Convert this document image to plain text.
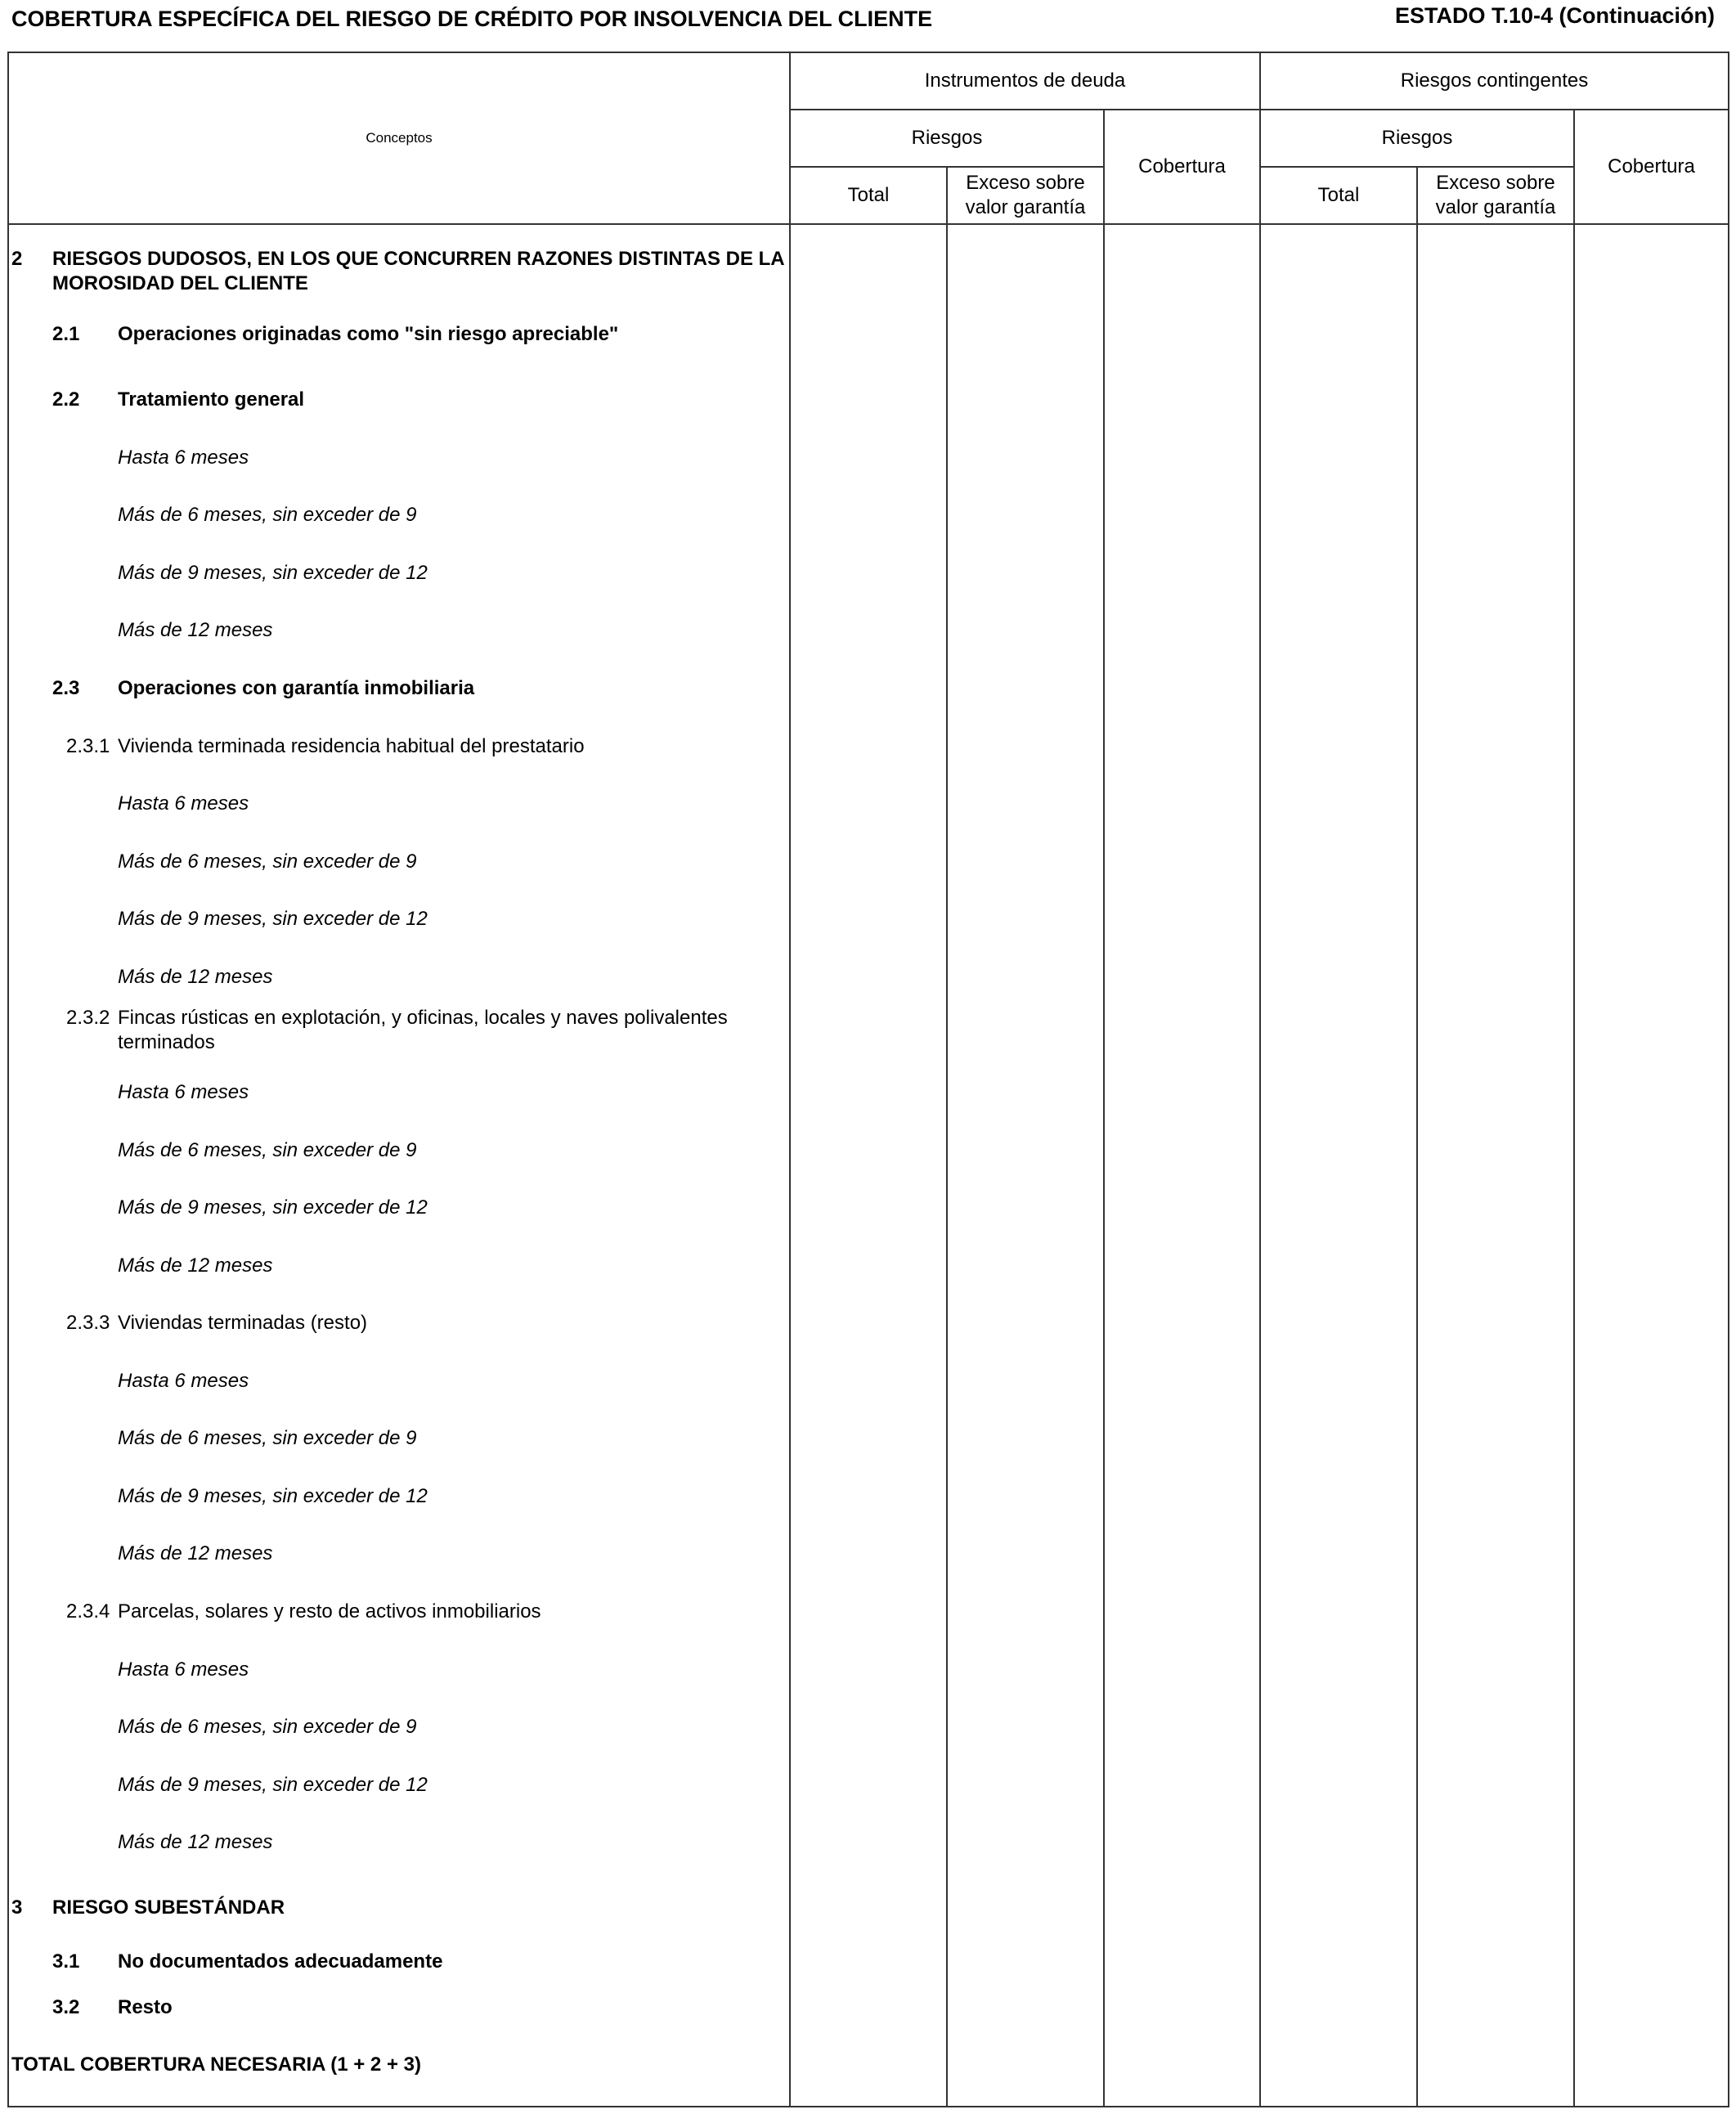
COBERTURA ESPECÍFICA DEL RIESGO DE CRÉDITO POR INSOLVENCIA DEL CLIENTE	ESTADO T.10-4 (Continuación)
Conceptos
Instrumentos de deuda	Riesgos contingentes
Riesgos
Cobertura
Riesgos
Cobertura
Total
Exceso sobre valor garantía
Total
Exceso sobre valor garantía
2 RIESGOS DUDOSOS, EN LOS QUE CONCURREN RAZONES DISTINTAS DE LA MOROSIDAD DEL CLIENTE
2.1 Operaciones originadas como "sin riesgo apreciable"
2.2 Tratamiento general
Hasta 6 meses
Más de 6 meses, sin exceder de 9
Más de 9 meses, sin exceder de 12
Más de 12 meses
2.3 Operaciones con garantía inmobiliaria
2.3.1 Vivienda terminada residencia habitual del prestatario
Hasta 6 meses
Más de 6 meses, sin exceder de 9
Más de 9 meses, sin exceder de 12
Más de 12 meses
2.3.2 Fincas rústicas en explotación, y oficinas, locales y naves polivalentes terminados
Hasta 6 meses
Más de 6 meses, sin exceder de 9
Más de 9 meses, sin exceder de 12
Más de 12 meses
2.3.3 Viviendas terminadas (resto)
Hasta 6 meses
Más de 6 meses, sin exceder de 9
Más de 9 meses, sin exceder de 12
Más de 12 meses
2.3.4 Parcelas, solares y resto de activos inmobiliarios
Hasta 6 meses
Más de 6 meses, sin exceder de 9
Más de 9 meses, sin exceder de 12
Más de 12 meses
3 RIESGO SUBESTÁNDAR
3.1 No documentados adecuadamente
3.2 Resto
TOTAL COBERTURA NECESARIA (1 + 2 + 3)
